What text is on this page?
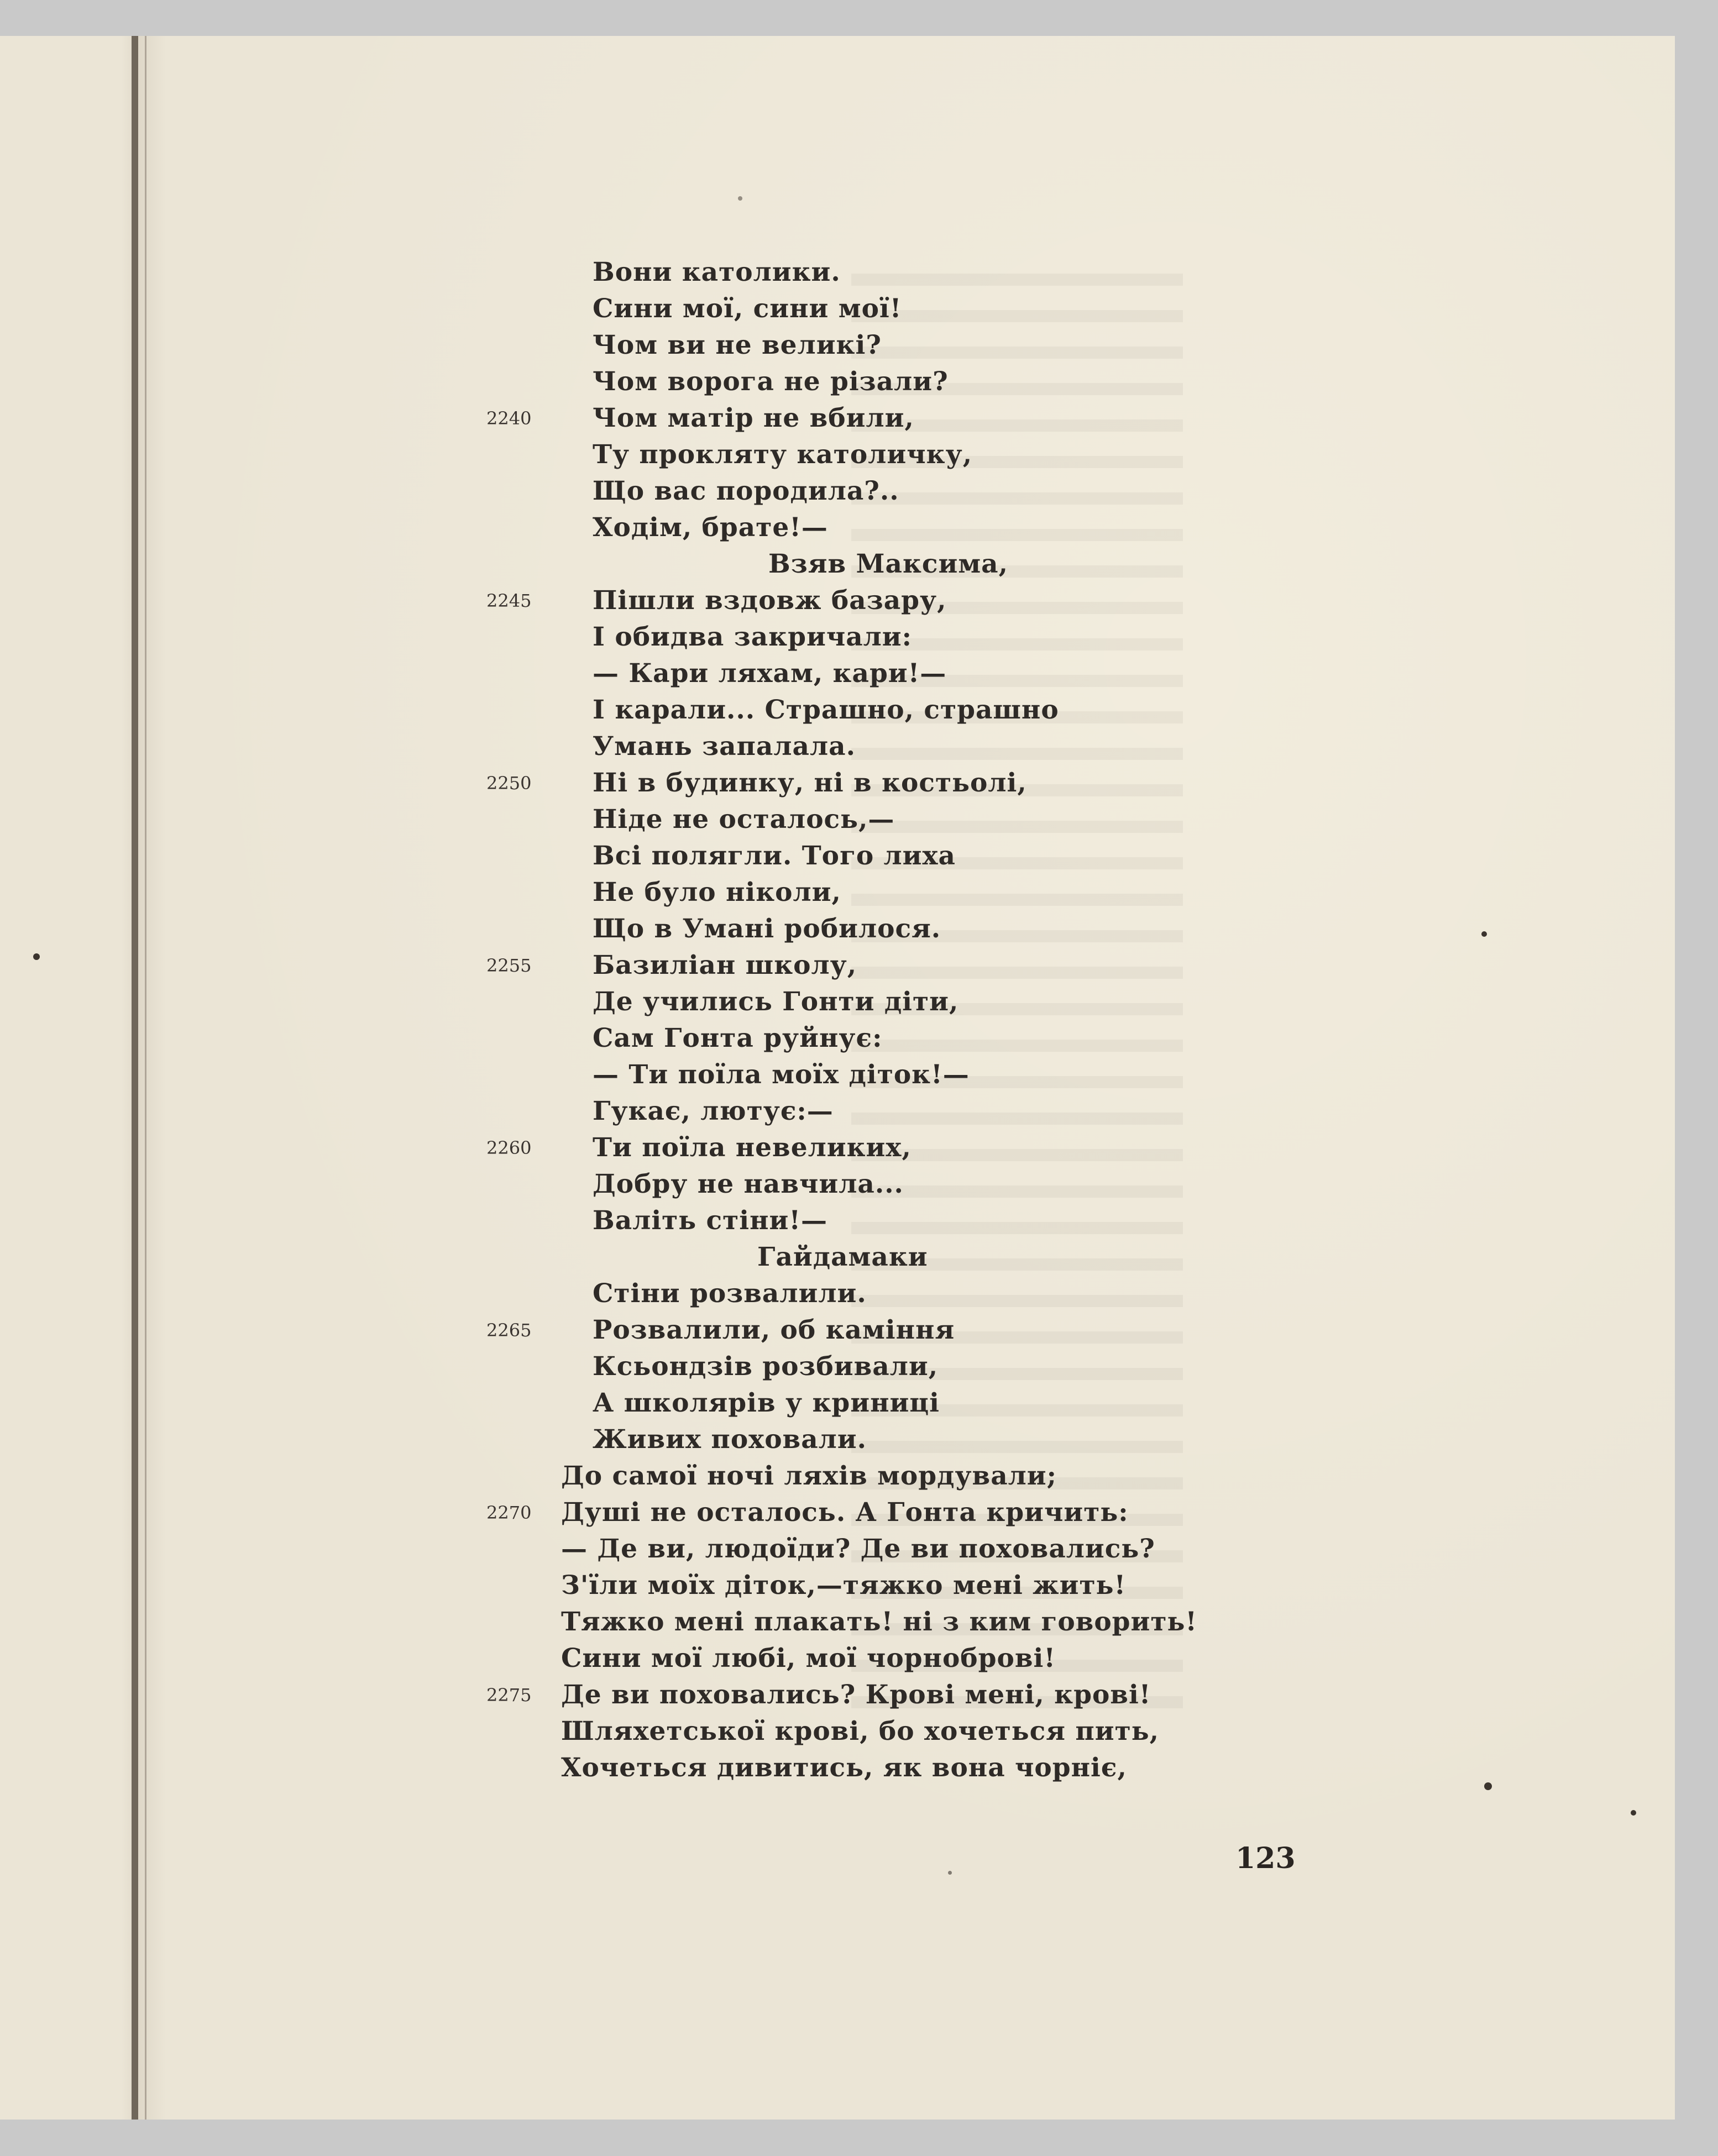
Вони католики.
Сини мої, сини мої!
Чом ви не великі?
Чом ворога не різали?
Чом матір не вбили,
Ту прокляту католичку,
Що вас породила?..
Ходім, брате!—
Взяв Максима,
Пішли вздовж базару,
І обидва закричали:
— Кари ляхам, кари!—
І карали... Страшно, страшно
Умань запалала.
Ні в будинку, ні в костьолі,
Ніде не осталось,—
Всі полягли. Того лиха
Не було ніколи,
Що в Умані робилося.
Базиліан школу,
Де учились Гонти діти,
Сам Гонта руйнує:
— Ти поїла моїх діток!—
Гукає, лютує:—
Ти поїла невеликих,
Добру не навчила...
Валіть стіни!—
Гайдамаки
Стіни розвалили.
Розвалили, об каміння
Ксьондзів розбивали,
А школярів у криниці
Живих поховали.
До самої ночі ляхів мордували;
Душі не осталось. А Гонта кричить:
— Де ви, людоїди? Де ви поховались?
З'їли моїх діток,—тяжко мені жить!
Тяжко мені плакать! ні з ким говорить!
Сини мої любі, мої чорноброві!
Де ви поховались? Крові мені, крові!
Шляхетської крові, бо хочеться пить,
Хочеться дивитись, як вона чорніє,
2240
2245
2250
2255
2260
2265
2270
2275
123
